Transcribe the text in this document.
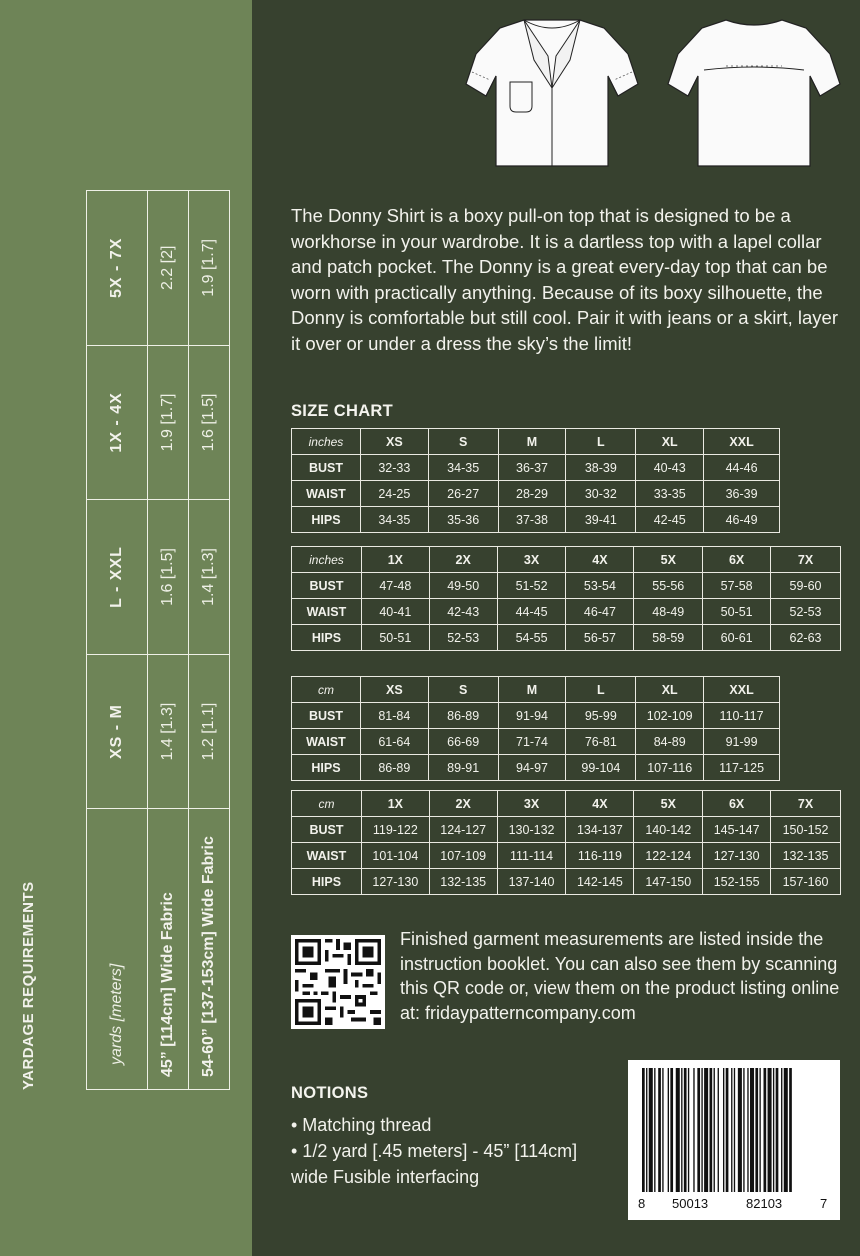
YARDAGE REQUIREMENTS	yards [meters]	XS - M	L - XXL	1X - 4X	5X - 7X
45” [114cm] Wide Fabric	1.4 [1.3]	1.6 [1.5]	1.9 [1.7]	2.2 [2]
54-60” [137-153cm] Wide Fabric	1.2 [1.1]	1.4 [1.3]	1.6 [1.5]	1.9 [1.7]
The Donny Shirt is a boxy pull-on top that is designed to be a workhorse in your wardrobe. It is a dartless top with a lapel collar and patch pocket. The Donny is a great every-day top that can be worn with practically anything. Because of its boxy silhouette, the Donny is comfortable but still cool. Pair it with jeans or a skirt, layer it over or under a dress the sky’s the limit!
SIZE CHART
inches	XS	S	M	L	XL	XXL
BUST	32-33	34-35	36-37	38-39	40-43	44-46
WAIST	24-25	26-27	28-29	30-32	33-35	36-39
HIPS	34-35	35-36	37-38	39-41	42-45	46-49
inches	1X	2X	3X	4X	5X	6X	7X
BUST	47-48	49-50	51-52	53-54	55-56	57-58	59-60
WAIST	40-41	42-43	44-45	46-47	48-49	50-51	52-53
HIPS	50-51	52-53	54-55	56-57	58-59	60-61	62-63
cm	XS	S	M	L	XL	XXL
BUST	81-84	86-89	91-94	95-99	102-109	110-117
WAIST	61-64	66-69	71-74	76-81	84-89	91-99
HIPS	86-89	89-91	94-97	99-104	107-116	117-125
cm	1X	2X	3X	4X	5X	6X	7X
BUST	119-122	124-127	130-132	134-137	140-142	145-147	150-152
WAIST	101-104	107-109	111-114	116-119	122-124	127-130	132-135
HIPS	127-130	132-135	137-140	142-145	147-150	152-155	157-160
Finished garment measurements are listed inside the instruction booklet. You can also see them by scanning this QR code or, view them on the product listing online at: fridaypatterncompany.com
NOTIONS
• Matching thread
• 1/2 yard [.45 meters] - 45” [114cm] wide Fusible interfacing
8 50013	82103	7
